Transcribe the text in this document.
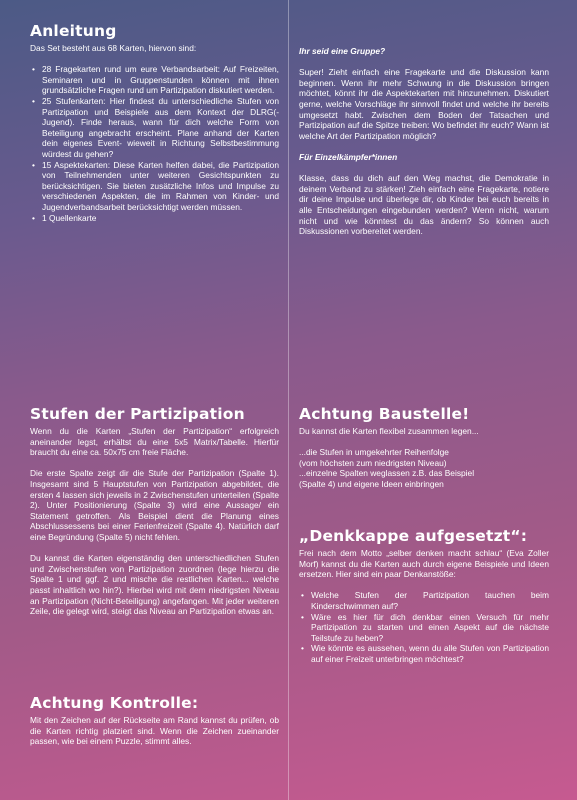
Anleitung

Das Set besteht aus 68 Karten, hiervon sind:

• 28 Fragekarten rund um eure Verbandsarbeit: Auf Freizeiten, Seminaren und in Gruppenstunden können mit ihnen grundsätzliche Fragen rund um Partizipation diskutiert werden.
• 25 Stufenkarten: Hier findest du unterschiedliche Stufen von Partizipation und Beispiele aus dem Kontext der DLRG(-Jugend). Finde heraus, wann für dich welche Form von Beteiligung angebracht erscheint. Plane anhand der Karten dein eigenes Event- wieweit in Richtung Selbstbestimmung würdest du gehen?
• 15 Aspektekarten: Diese Karten helfen dabei, die Partizipation von Teilnehmenden unter weiteren Gesichtspunkten zu berücksichtigen. Sie bieten zusätzliche Infos und Impulse zu verschiedenen Aspekten, die im Rahmen von Kinder- und Jugendverbandsarbeit berücksichtigt werden müssen.
• 1 Quellenkarte

Ihr seid eine Gruppe?

Super! Zieht einfach eine Fragekarte und die Diskussion kann beginnen. Wenn ihr mehr Schwung in die Diskussion bringen möchtet, könnt ihr die Aspektekarten mit hinzunehmen. Diskutiert gerne, welche Vorschläge ihr sinnvoll findet und welche ihr bereits umgesetzt habt. Zwischen dem Boden der Tatsachen und Partizipation auf die Spitze treiben: Wo befindet ihr euch? Wann ist welche Art der Partizipation möglich?

Für Einzelkämpfer*innen

Klasse, dass du dich auf den Weg machst, die Demokratie in deinem Verband zu stärken! Zieh einfach eine Fragekarte, notiere dir deine Impulse und überlege dir, ob Kinder bei euch bereits in alle Entscheidungen eingebunden werden? Wenn nicht, warum nicht und wie könntest du das ändern? So können auch Diskussionen vorbereitet werden.

Stufen der Partizipation

Wenn du die Karten „Stufen der Partizipation“ erfolgreich aneinander legst, erhältst du eine 5x5 Matrix/Tabelle. Hierfür braucht du eine ca. 50x75 cm freie Fläche.

Die erste Spalte zeigt dir die Stufe der Partizipation (Spalte 1). Insgesamt sind 5 Hauptstufen von Partizipation abgebildet, die ersten 4 lassen sich jeweils in 2 Zwischenstufen unterteilen (Spalte 2). Unter Positionierung (Spalte 3) wird eine Aussage/ ein Statement getroffen. Als Beispiel dient die Planung eines Abschlussessens bei einer Ferienfreizeit (Spalte 4). Natürlich darf eine Begründung (Spalte 5) nicht fehlen.

Du kannst die Karten eigenständig den unterschiedlichen Stufen und Zwischenstufen von Partizipation zuordnen (lege hierzu die Spalte 1 und ggf. 2 und mische die restlichen Karten... welche passt inhaltlich wo hin?). Hierbei wird mit dem niedrigsten Niveau an Partizipation (Nicht-Beteiligung) angefangen. Mit jeder weiteren Zeile, die gelegt wird, steigt das Niveau an Partizipation etwas an.

Achtung Kontrolle:

Mit den Zeichen auf der Rückseite am Rand kannst du prüfen, ob die Karten richtig platziert sind. Wenn die Zeichen zueinander passen, wie bei einem Puzzle, stimmt alles.

Achtung Baustelle!

Du kannst die Karten flexibel zusammen legen...

...die Stufen in umgekehrter Reihenfolge

(vom höchsten zum niedrigsten Niveau)

...einzelne Spalten weglassen z.B. das Beispiel

(Spalte 4) und eigene Ideen einbringen

„Denkkappe aufgesetzt“:

Frei nach dem Motto „selber denken macht schlau“ (Eva Zoller Morf) kannst du die Karten auch durch eigene Beispiele und Ideen ersetzen. Hier sind ein paar Denkanstöße:

• Welche Stufen der Partizipation tauchen beim Kinderschwimmen auf?
• Wäre es hier für dich denkbar einen Versuch für mehr Partizipation zu starten und einen Aspekt auf die nächste Teilstufe zu heben?
• Wie könnte es aussehen, wenn du alle Stufen von Partizipation auf einer Freizeit unterbringen möchtest?
